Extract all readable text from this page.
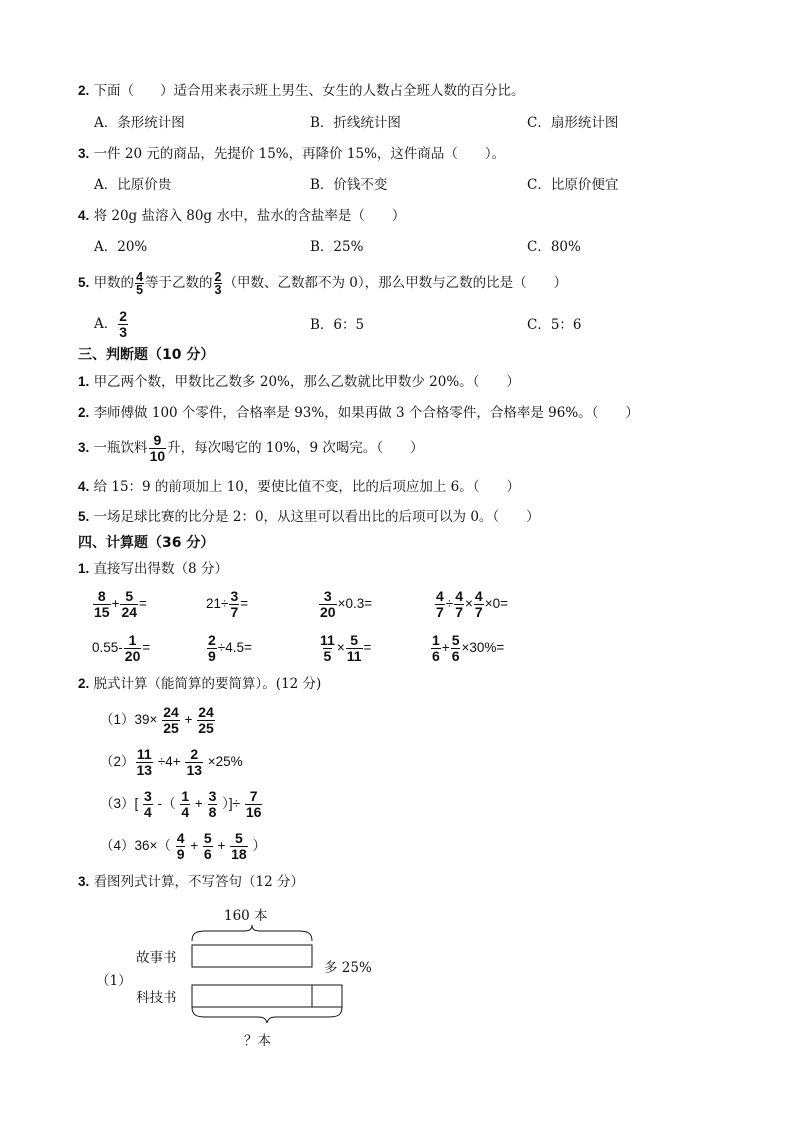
2. 下面（ ）适合用来表示班上男生、女生的人数占全班人数的百分比。
A．条形统计图	B．折线统计图	C．扇形统计图
3. 一件 20 元的商品，先提价 15%，再降价 15%，这件商品（　　）。
A．比原价贵	B．价钱不变	C．比原价便宜
4. 将 20g 盐溶入 80g 水中，盐水的含盐率是（　　）
A．20%	B．25%	C．80%
5.
甲数的 $\frac{4}{5}$ 等于乙数的 $\frac{2}{3}$ （甲数、乙数都不为 0），那么甲数与乙数的比是（　　）
A． $\frac{2}{3}$	B．6：5	C．5：6
三、判断题（10 分）
1. 甲乙两个数，甲数比乙数多 20%，那么乙数就比甲数少 20%。（　　）
2. 李师傅做 100 个零件，合格率是 93%，如果再做 3 个合格零件，合格率是 96%。（　　）
3.
一瓶饮料 $\frac{9}{10}$ 升，每次喝它的 10%，9 次喝完。（　　）
4. 给 15：9 的前项加上 10，要使比值不变，比的后项应加上 6。（　　）
5. 一场足球比赛的比分是 2：0，从这里可以看出比的后项可以为 0。（　　）
四、计算题（36 分）
1. 直接写出得数（8 分）
$\frac{8}{15} + \frac{5}{24}$ =	$21\div \frac{3}{7}$ =	$\frac{3}{20} \times 0.3=$	$\frac{4}{7} \div \frac{4}{7} \times \frac{4}{7} \times 0=$
$0.55- \frac{1}{20}$ =	$\frac{2}{9} \div 4.5=$	$\frac{11}{5} \times \frac{5}{11}$ =	$\frac{1}{6} + \frac{5}{6} \times 30\%=$
2. 脱式计算（能简算的要简算）。(12 分)
（1）39×
$\frac{24}{25}$
+
$\frac{24}{25}$
$(2) \frac{11}{13}$
÷4+
$\frac{2}{13}$
×25%
（3）[
$\frac{3}{4}$
-（
$\frac{1}{4}$
+
$\frac{3}{8}$
）]÷
$\frac{7}{16}$
（4）36×（
$\frac{4}{9}$
+
$\frac{5}{6}$
+
$\frac{5}{18}$
）
3. 看图列式计算，不写答句（12 分）
160 本
故事书
多 25%
（1）
科技书
？本
